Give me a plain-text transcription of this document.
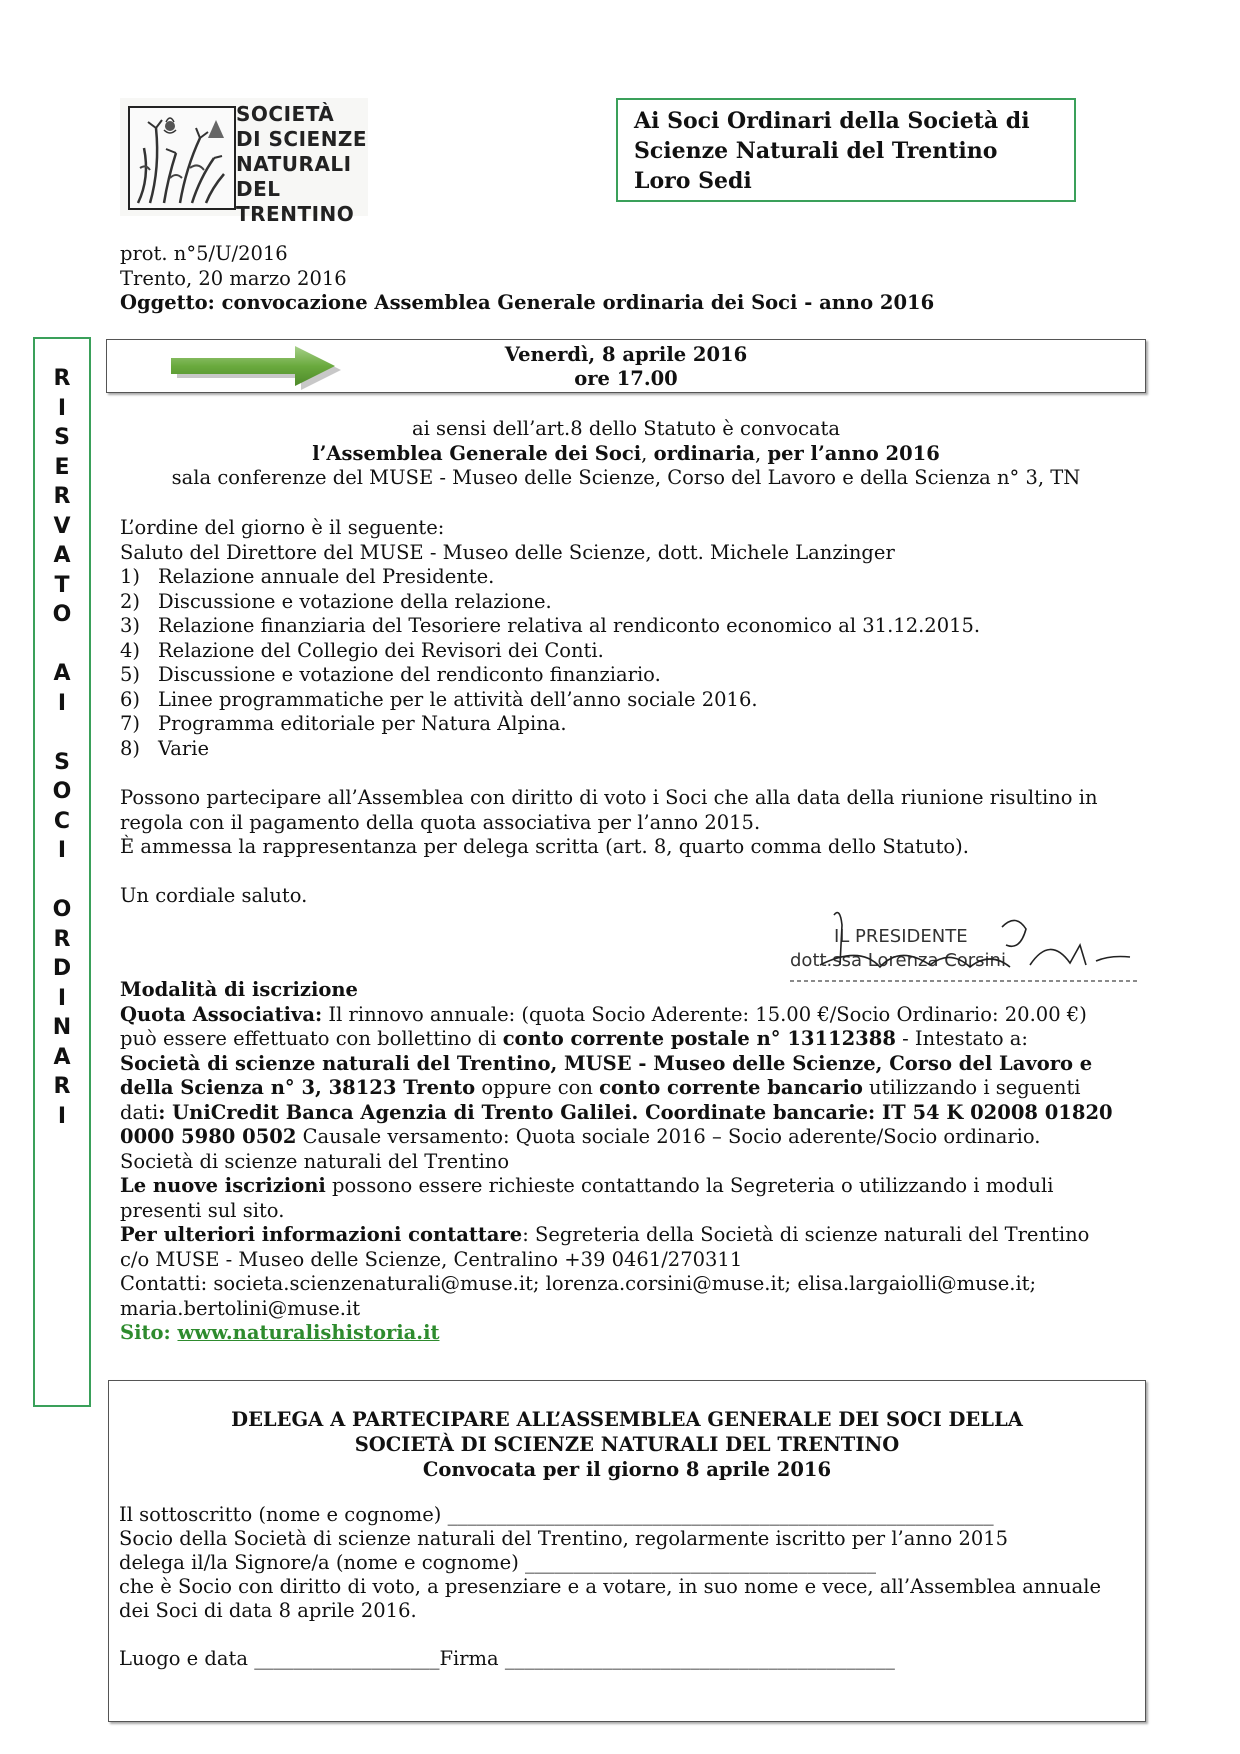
SOCIETÀ
DI SCIENZE
NATURALI
DEL TRENTINO
Ai Soci Ordinari della Società di
Scienze Naturali del Trentino
Loro Sedi
prot. n°5/U/2016
Trento, 20 marzo 2016
Oggetto: convocazione Assemblea Generale ordinaria dei Soci - anno 2016
R
I
S
E
R
V
A
T
O
A
I
S
O
C
I
O
R
D
I
N
A
R
I
Venerdì, 8 aprile 2016
ore 17.00
ai sensi dell’art.8 dello Statuto è convocata
l’Assemblea Generale dei Soci, ordinaria, per l’anno 2016
sala conferenze del MUSE - Museo delle Scienze, Corso del Lavoro e della Scienza n° 3, TN
L’ordine del giorno è il seguente:
Saluto del Direttore del MUSE - Museo delle Scienze, dott. Michele Lanzinger
1) Relazione annuale del Presidente.
2) Discussione e votazione della relazione.
3) Relazione finanziaria del Tesoriere relativa al rendiconto economico al 31.12.2015.
4) Relazione del Collegio dei Revisori dei Conti.
5) Discussione e votazione del rendiconto finanziario.
6) Linee programmatiche per le attività dell’anno sociale 2016.
7) Programma editoriale per Natura Alpina.
8) Varie
Possono partecipare all’Assemblea con diritto di voto i Soci che alla data della riunione risultino in
regola con il pagamento della quota associativa per l’anno 2015.
È ammessa la rappresentanza per delega scritta (art. 8, quarto comma dello Statuto).
Un cordiale saluto.
IL PRESIDENTE
dott.ssa Lorenza Corsini
Modalità di iscrizione
Quota Associativa: Il rinnovo annuale: (quota Socio Aderente: 15.00 €/Socio Ordinario: 20.00 €)
può essere effettuato con bollettino di conto corrente postale n° 13112388 - Intestato a:
Società di scienze naturali del Trentino, MUSE - Museo delle Scienze, Corso del Lavoro e
della Scienza n° 3, 38123 Trento oppure con conto corrente bancario utilizzando i seguenti
dati: UniCredit Banca Agenzia di Trento Galilei. Coordinate bancarie: IT 54 K 02008 01820
0000 5980 0502 Causale versamento: Quota sociale 2016 – Socio aderente/Socio ordinario.
Società di scienze naturali del Trentino
Le nuove iscrizioni possono essere richieste contattando la Segreteria o utilizzando i moduli
presenti sul sito.
Per ulteriori informazioni contattare: Segreteria della Società di scienze naturali del Trentino
c/o MUSE - Museo delle Scienze, Centralino +39 0461/270311
Contatti: societa.scienzenaturali@muse.it; lorenza.corsini@muse.it; elisa.largaiolli@muse.it;
maria.bertolini@muse.it
Sito: www.naturalishistoria.it
DELEGA A PARTECIPARE ALL’ASSEMBLEA GENERALE DEI SOCI DELLA
SOCIETÀ DI SCIENZE NATURALI DEL TRENTINO
Convocata per il giorno 8 aprile 2016
Il sottoscritto (nome e cognome) ________________________________________________________
Socio della Società di scienze naturali del Trentino, regolarmente iscritto per l’anno 2015
delega il/la Signore/a (nome e cognome) ____________________________________
che è Socio con diritto di voto, a presenziare e a votare, in suo nome e vece, all’Assemblea annuale
dei Soci di data 8 aprile 2016.
Luogo e data ___________________Firma ________________________________________
